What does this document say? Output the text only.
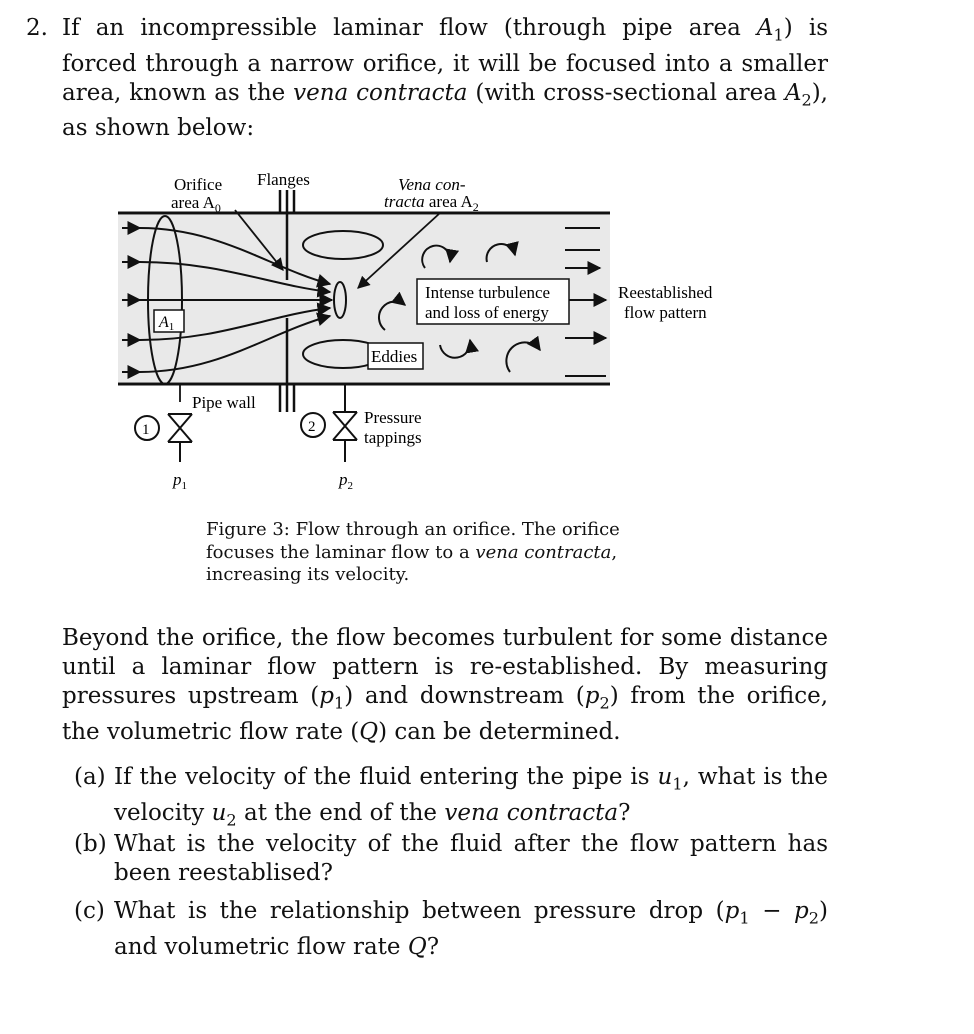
2. If an incompressible laminar flow (through pipe area $A_1$) is forced through a narrow orifice, it will be focused into a smaller area, known as the vena contracta (with cross-sectional area $A_2$), as shown below:
Orifice
area $A_0$
Flanges	Vena con-
tracta area $A_2$
Intense turbulence
and loss of energy
Reestablished
flow pattern
Eddies
A1
Pipe wall
Pressure
tappings
1	2
$p_1$	$p_2$
Figure 3: Flow through an orifice. The orifice focuses the laminar flow to a vena contracta, increasing its velocity.
Beyond the orifice, the flow becomes turbulent for some distance until a laminar flow pattern is re-established. By measuring pressures upstream $(p_1)$ and downstream $(p_2)$ from the orifice, the volumetric flow rate (Q) can be determined.
(a) If the velocity of the fluid entering the pipe is $u_1$, what is the velocity $u_2$ at the end of the vena contracta?
(b) What is the velocity of the fluid after the flow pattern has been reestablised?
(c) What is the relationship between pressure drop $(p_1 - p_2)$ and volumetric flow rate Q?
